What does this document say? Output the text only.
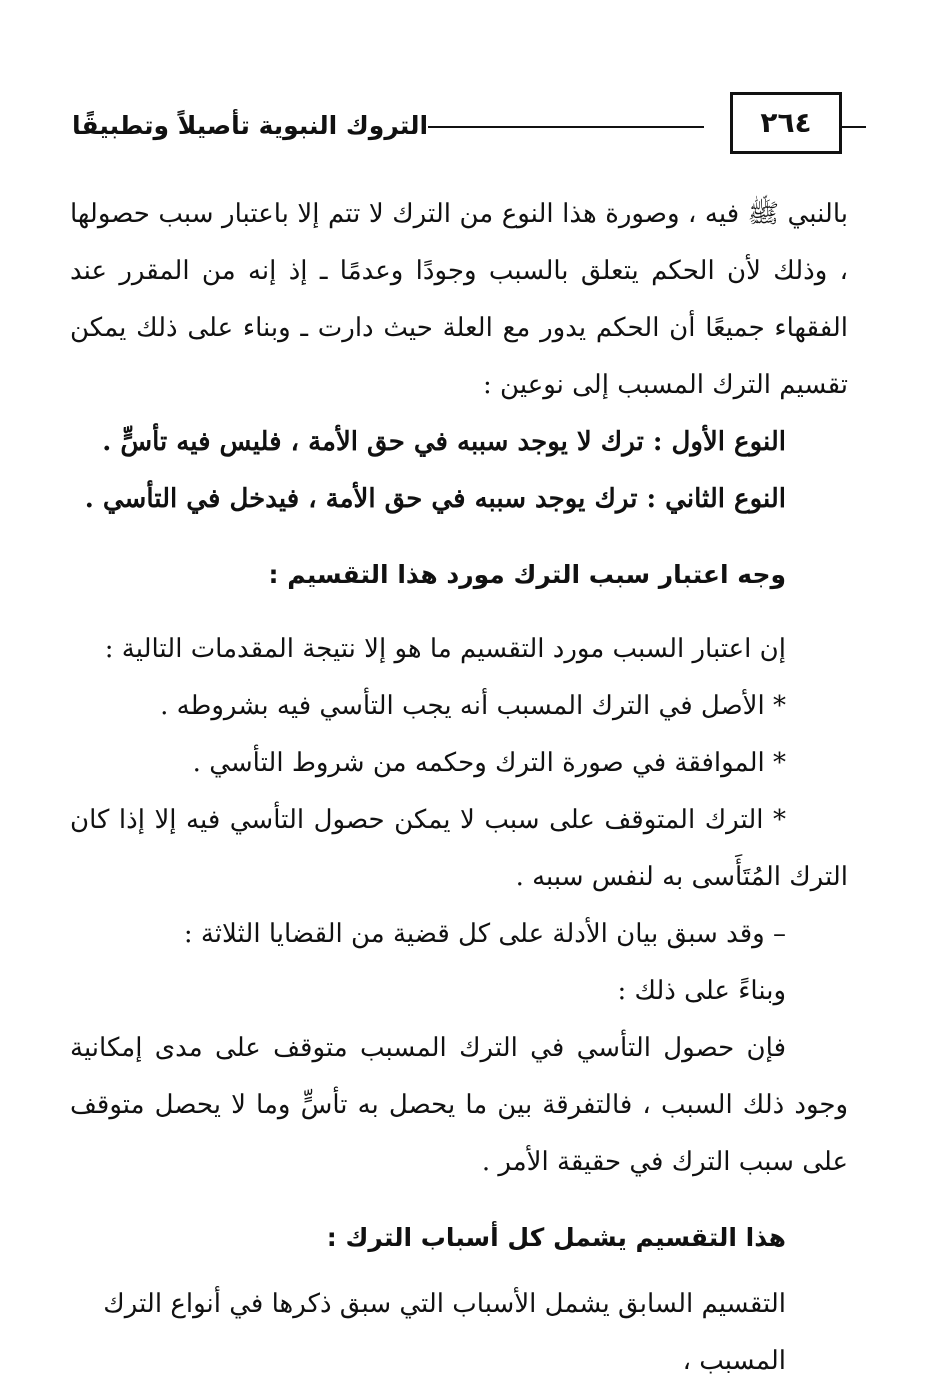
التروك النبوية تأصيلاً وتطبيقًا	٢٦٤

بالنبي ﷺ فيه ، وصورة هذا النوع من الترك لا تتم إلا باعتبار سبب حصولها ، وذلك لأن الحكم يتعلق بالسبب وجودًا وعدمًا ـ إذ إنه من المقرر عند الفقهاء جميعًا أن الحكم يدور مع العلة حيث دارت ـ وبناء على ذلك يمكن تقسيم الترك المسبب إلى نوعين :

النوع الأول : ترك لا يوجد سببه في حق الأمة ، فليس فيه تأسٍّ .

النوع الثاني : ترك يوجد سببه في حق الأمة ، فيدخل في التأسي .

وجه اعتبار سبب الترك مورد هذا التقسيم :

إن اعتبار السبب مورد التقسيم ما هو إلا نتيجة المقدمات التالية :

* الأصل في الترك المسبب أنه يجب التأسي فيه بشروطه .

* الموافقة في صورة الترك وحكمه من شروط التأسي .

* الترك المتوقف على سبب لا يمكن حصول التأسي فيه إلا إذا كان الترك المُتَأَسى به لنفس سببه .

– وقد سبق بيان الأدلة على كل قضية من القضايا الثلاثة :

وبناءً على ذلك :

فإن حصول التأسي في الترك المسبب متوقف على مدى إمكانية وجود ذلك السبب ، فالتفرقة بين ما يحصل به تأسٍّ وما لا يحصل متوقف على سبب الترك في حقيقة الأمر .

هذا التقسيم يشمل كل أسباب الترك :

التقسيم السابق يشمل الأسباب التي سبق ذكرها في أنواع الترك المسبب ،
